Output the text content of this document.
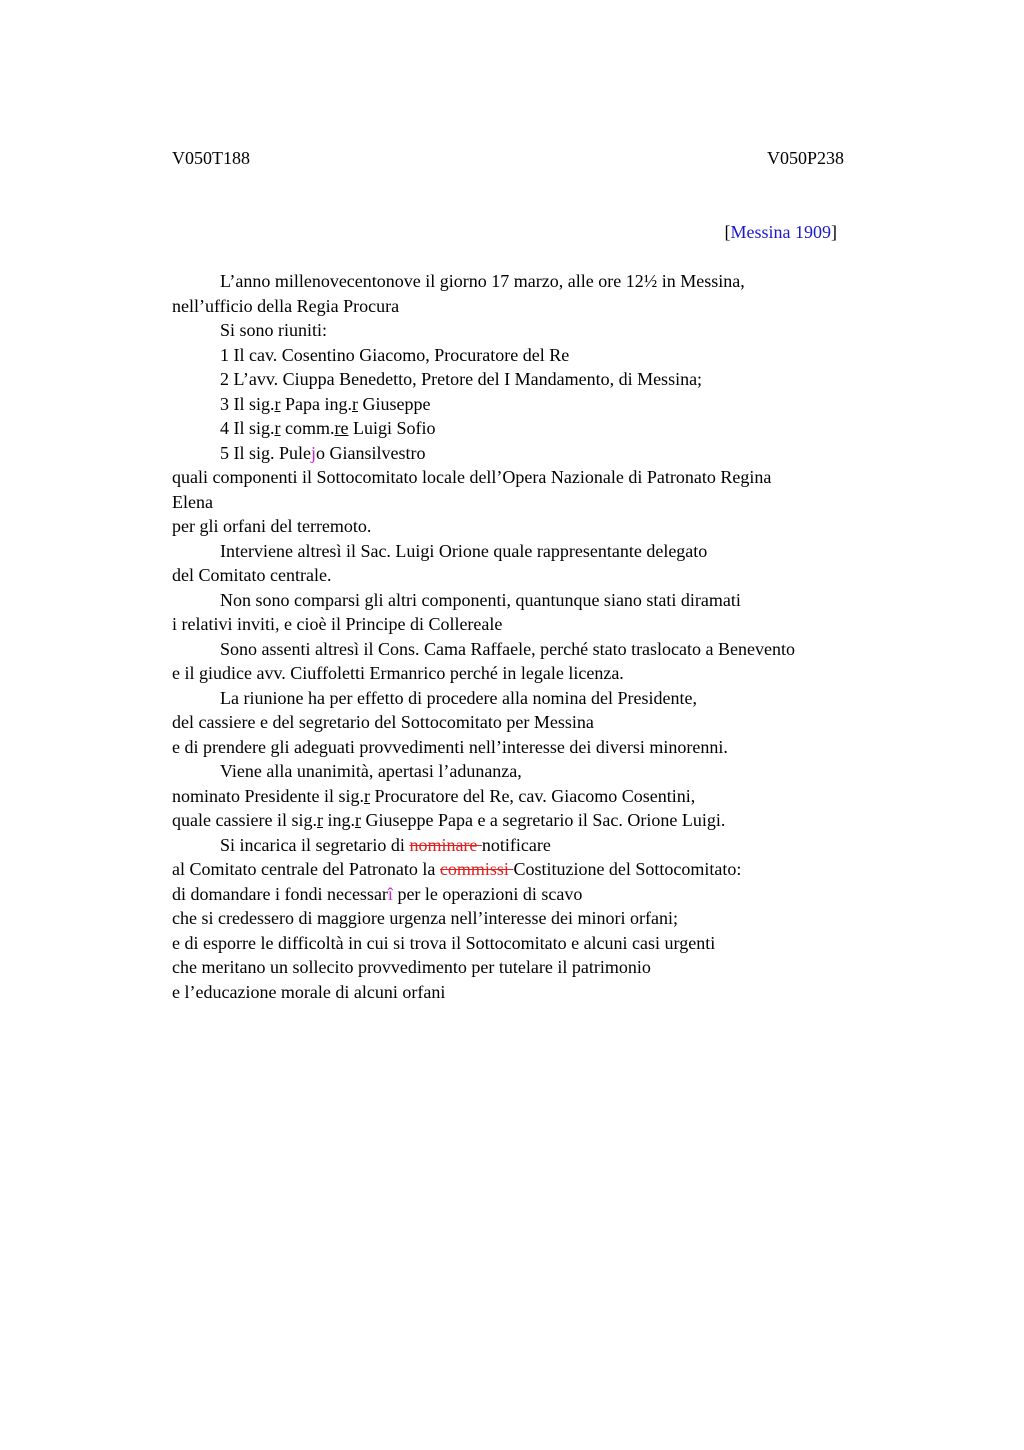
V050T188	V050P238
[Messina 1909]
L’anno millenovecentonove il giorno 17 marzo, alle ore 12½ in Messina,
nell’ufficio della Regia Procura
Si sono riuniti:
1 Il cav. Cosentino Giacomo, Procuratore del Re
2 L’avv. Ciuppa Benedetto, Pretore del I Mandamento, di Messina;
3 Il sig.r Papa ing.r Giuseppe
4 Il sig.r comm.re Luigi Sofio
5 Il sig. Pulejo Giansilvestro
quali componenti il Sottocomitato locale dell’Opera Nazionale di Patronato Regina
Elena
per gli orfani del terremoto.
Interviene altresì il Sac. Luigi Orione quale rappresentante delegato
del Comitato centrale.
Non sono comparsi gli altri componenti, quantunque siano stati diramati
i relativi inviti, e cioè il Principe di Collereale
Sono assenti altresì il Cons. Cama Raffaele, perché stato traslocato a Benevento
e il giudice avv. Ciuffoletti Ermanrico perché in legale licenza.
La riunione ha per effetto di procedere alla nomina del Presidente,
del cassiere e del segretario del Sottocomitato per Messina
e di prendere gli adeguati provvedimenti nell’interesse dei diversi minorenni.
Viene alla unanimità, apertasi l’adunanza,
nominato Presidente il sig.r Procuratore del Re, cav. Giacomo Cosentini,
quale cassiere il sig.r ing.r Giuseppe Papa e a segretario il Sac. Orione Luigi.
Si incarica il segretario di nominare notificare
al Comitato centrale del Patronato la commissi Costituzione del Sottocomitato:
di domandare i fondi necessarî per le operazioni di scavo
che si credessero di maggiore urgenza nell’interesse dei minori orfani;
e di esporre le difficoltà in cui si trova il Sottocomitato e alcuni casi urgenti
che meritano un sollecito provvedimento per tutelare il patrimonio
e l’educazione morale di alcuni orfani
